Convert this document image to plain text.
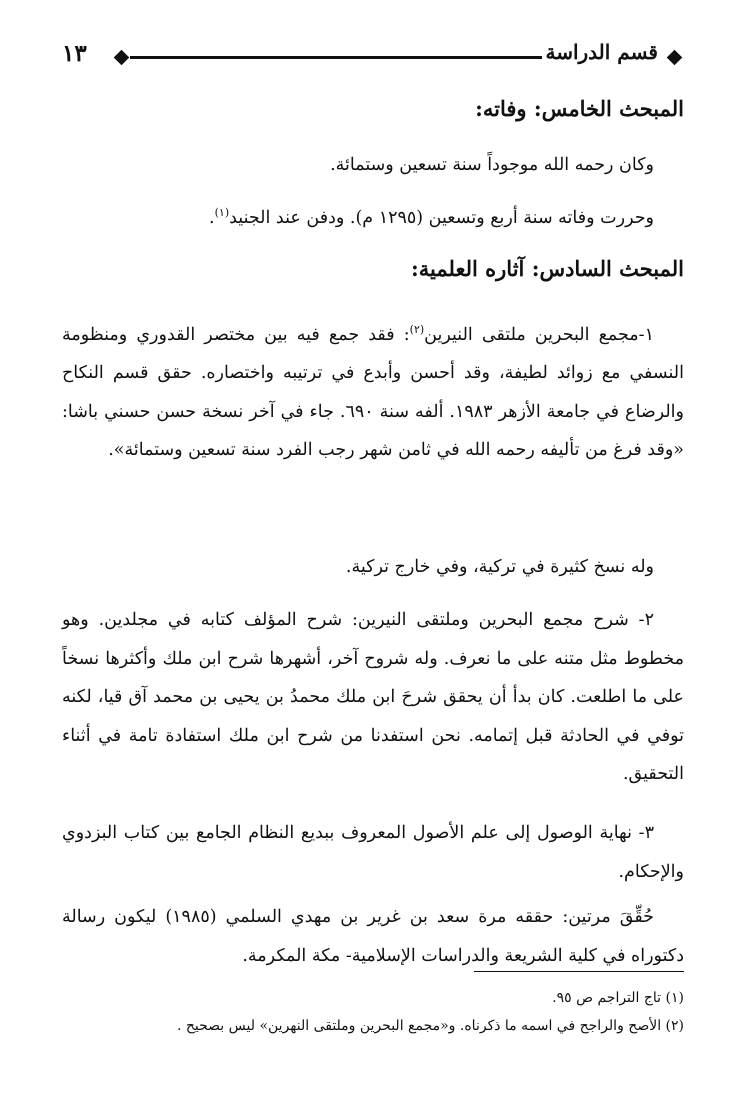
قسم الدراسة
١٣
المبحث الخامس: وفاته:

وكان رحمه الله موجوداً سنة تسعين وستمائة.

وحررت وفاته سنة أربع وتسعين (١٢٩٥ م). ودفن عند الجنيد$^{(١)}$.

المبحث السادس: آثاره العلمية:

١-مجمع البحرين ملتقى النيرين$^{(٢)}$: فقد جمع فيه بين مختصر القدوري ومنظومة النسفي مع زوائد لطيفة، وقد أحسن وأبدع في ترتيبه واختصاره. حقق قسم النكاح والرضاع في جامعة الأزهر ١٩٨٣. ألفه سنة ٦٩٠. جاء في آخر نسخة حسن حسني باشا: «وقد فرغ من تأليفه رحمه الله في ثامن شهر رجب الفرد سنة تسعين وستمائة».

وله نسخ كثيرة في تركية، وفي خارج تركية.

٢- شرح مجمع البحرين وملتقى النيرين: شرح المؤلف كتابه في مجلدين. وهو مخطوط مثل متنه على ما نعرف. وله شروح آخر، أشهرها شرح ابن ملك وأكثرها نسخاً على ما اطلعت. كان بدأ أن يحقق شرحَ ابن ملك محمدُ بن يحيى بن محمد آق قيا، لكنه توفي في الحادثة قبل إتمامه. نحن استفدنا من شرح ابن ملك استفادة تامة في أثناء التحقيق.

٣- نهاية الوصول إلى علم الأصول المعروف ببديع النظام الجامع بين كتاب البزدوي والإحكام.

حُقِّقَ مرتين: حققه مرة سعد بن غرير بن مهدي السلمي (١٩٨٥) ليكون رسالة دكتوراه في كلية الشريعة والدراسات الإسلامية- مكة المكرمة.

(١) تاج التراجم ص ٩٥.

(٢) الأصح والراجح في اسمه ما ذكرناه. و«مجمع البحرين وملتقى النهرين» ليس بصحيح .
